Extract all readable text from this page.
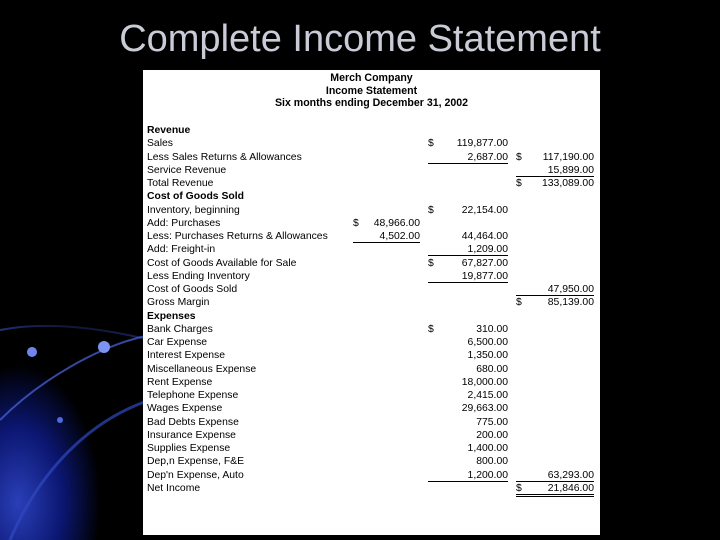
Complete Income Statement
Merch Company
Income Statement
Six months ending December 31, 2002
Revenue
Sales	$ 119,877.00
Less Sales Returns & Allowances	2,687.00 $ 117,190.00
Service Revenue	15,899.00
Total Revenue	$ 133,089.00
Cost of Goods Sold
Inventory, beginning	$	22,154.00
Add: Purchases	$ 48,966.00
Less: Purchases Returns & Allowances	4,502.00	44,464.00
Add: Freight-in	1,209.00
Cost of Goods Available for Sale	$	67,827.00
Less Ending Inventory	19,877.00
Cost of Goods Sold	47,950.00
Gross Margin	$ 85,139.00
Expenses
Bank Charges	$	310.00
Car Expense	6,500.00
Interest Expense	1,350.00
Miscellaneous Expense	680.00
Rent Expense	18,000.00
Telephone Expense	2,415.00
Wages Expense	29,663.00
Bad Debts Expense	775.00
Insurance Expense	200.00
Supplies Expense	1,400.00
Dep,n Expense, F&E	800.00
Dep'n Expense, Auto	1,200.00	63,293.00
Net Income	$ 21,846.00
